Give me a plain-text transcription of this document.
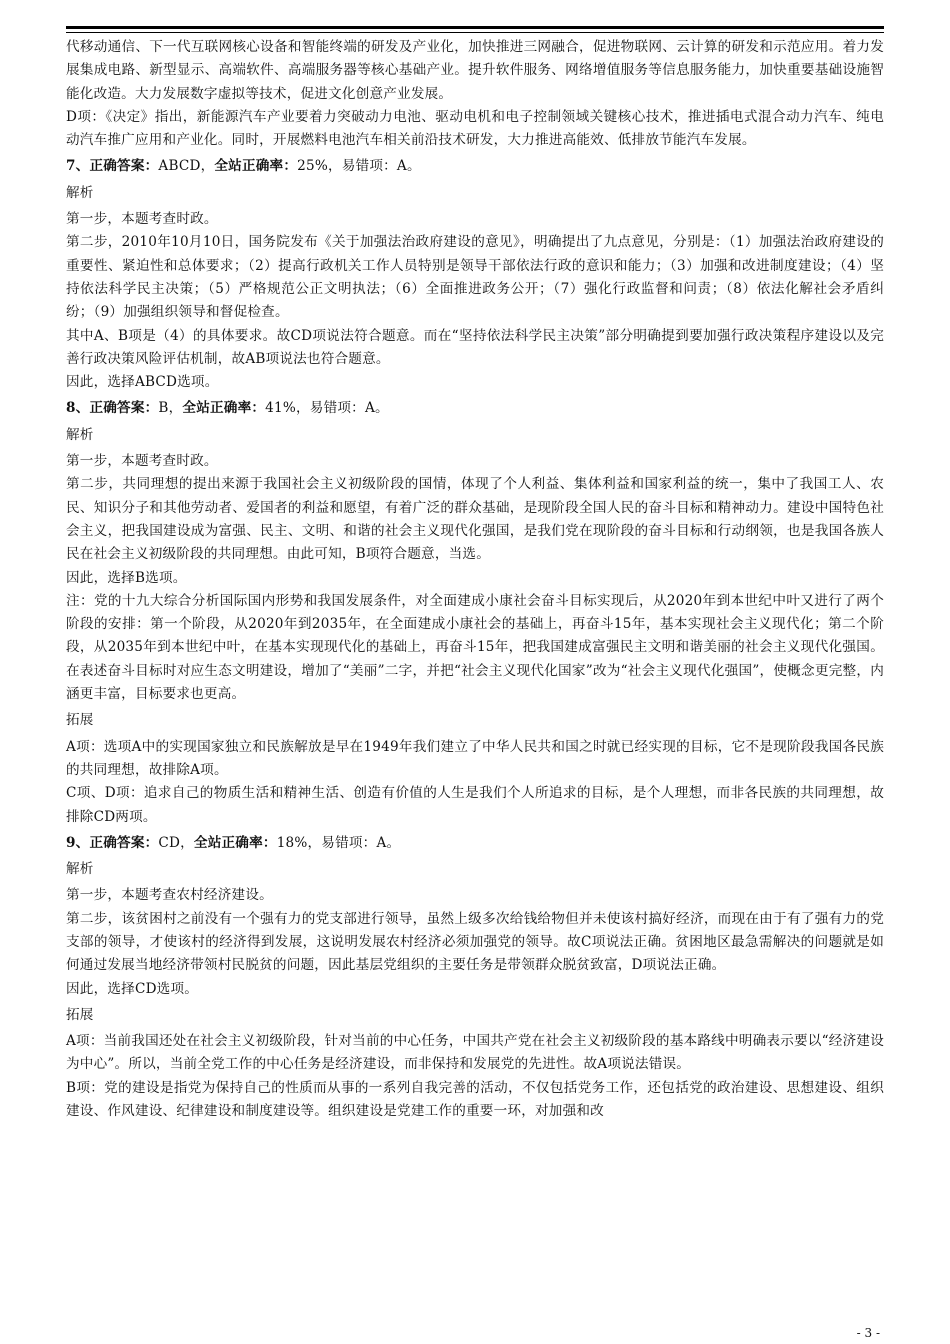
代移动通信、下一代互联网核心设备和智能终端的研发及产业化，加快推进三网融合，促进物联网、云计算的研发和示范应用。着力发展集成电路、新型显示、高端软件、高端服务器等核心基础产业。提升软件服务、网络增值服务等信息服务能力，加快重要基础设施智能化改造。大力发展数字虚拟等技术，促进文化创意产业发展。

D项：《决定》指出，新能源汽车产业要着力突破动力电池、驱动电机和电子控制领域关键核心技术，推进插电式混合动力汽车、纯电动汽车推广应用和产业化。同时，开展燃料电池汽车相关前沿技术研发，大力推进高能效、低排放节能汽车发展。

7、正确答案：ABCD，全站正确率：25%，易错项：A。

解析

第一步，本题考查时政。

第二步，2010年10月10日，国务院发布《关于加强法治政府建设的意见》，明确提出了九点意见，分别是：（1）加强法治政府建设的重要性、紧迫性和总体要求；（2）提高行政机关工作人员特别是领导干部依法行政的意识和能力；（3）加强和改进制度建设；（4）坚持依法科学民主决策；（5）严格规范公正文明执法；（6）全面推进政务公开；（7）强化行政监督和问责；（8）依法化解社会矛盾纠纷；（9）加强组织领导和督促检查。

其中A、B项是（4）的具体要求。故CD项说法符合题意。而在“坚持依法科学民主决策”部分明确提到要加强行政决策程序建设以及完善行政决策风险评估机制，故AB项说法也符合题意。

因此，选择ABCD选项。

8、正确答案：B，全站正确率：41%，易错项：A。

解析

第一步，本题考查时政。

第二步，共同理想的提出来源于我国社会主义初级阶段的国情，体现了个人利益、集体利益和国家利益的统一，集中了我国工人、农民、知识分子和其他劳动者、爱国者的利益和愿望，有着广泛的群众基础，是现阶段全国人民的奋斗目标和精神动力。建设中国特色社会主义，把我国建设成为富强、民主、文明、和谐的社会主义现代化强国，是我们党在现阶段的奋斗目标和行动纲领，也是我国各族人民在社会主义初级阶段的共同理想。由此可知，B项符合题意，当选。

因此，选择B选项。

注：党的十九大综合分析国际国内形势和我国发展条件，对全面建成小康社会奋斗目标实现后，从2020年到本世纪中叶又进行了两个阶段的安排：第一个阶段，从2020年到2035年，在全面建成小康社会的基础上，再奋斗15年，基本实现社会主义现代化；第二个阶段，从2035年到本世纪中叶，在基本实现现代化的基础上，再奋斗15年，把我国建成富强民主文明和谐美丽的社会主义现代化强国。在表述奋斗目标时对应生态文明建设，增加了“美丽”二字，并把“社会主义现代化国家”改为“社会主义现代化强国”，使概念更完整，内涵更丰富，目标要求也更高。

拓展

A项：选项A中的实现国家独立和民族解放是早在1949年我们建立了中华人民共和国之时就已经实现的目标，它不是现阶段我国各民族的共同理想，故排除A项。

C项、D项：追求自己的物质生活和精神生活、创造有价值的人生是我们个人所追求的目标，是个人理想，而非各民族的共同理想，故排除CD两项。

9、正确答案：CD，全站正确率：18%，易错项：A。

解析

第一步，本题考查农村经济建设。

第二步，该贫困村之前没有一个强有力的党支部进行领导，虽然上级多次给钱给物但并未使该村搞好经济，而现在由于有了强有力的党支部的领导，才使该村的经济得到发展，这说明发展农村经济必须加强党的领导。故C项说法正确。贫困地区最急需解决的问题就是如何通过发展当地经济带领村民脱贫的问题，因此基层党组织的主要任务是带领群众脱贫致富，D项说法正确。

因此，选择CD选项。

拓展

A项：当前我国还处在社会主义初级阶段，针对当前的中心任务，中国共产党在社会主义初级阶段的基本路线中明确表示要以“经济建设为中心”。所以，当前全党工作的中心任务是经济建设，而非保持和发展党的先进性。故A项说法错误。

B项：党的建设是指党为保持自己的性质而从事的一系列自我完善的活动，不仅包括党务工作，还包括党的政治建设、思想建设、组织建设、作风建设、纪律建设和制度建设等。组织建设是党建工作的重要一环，对加强和改

- 3 -
